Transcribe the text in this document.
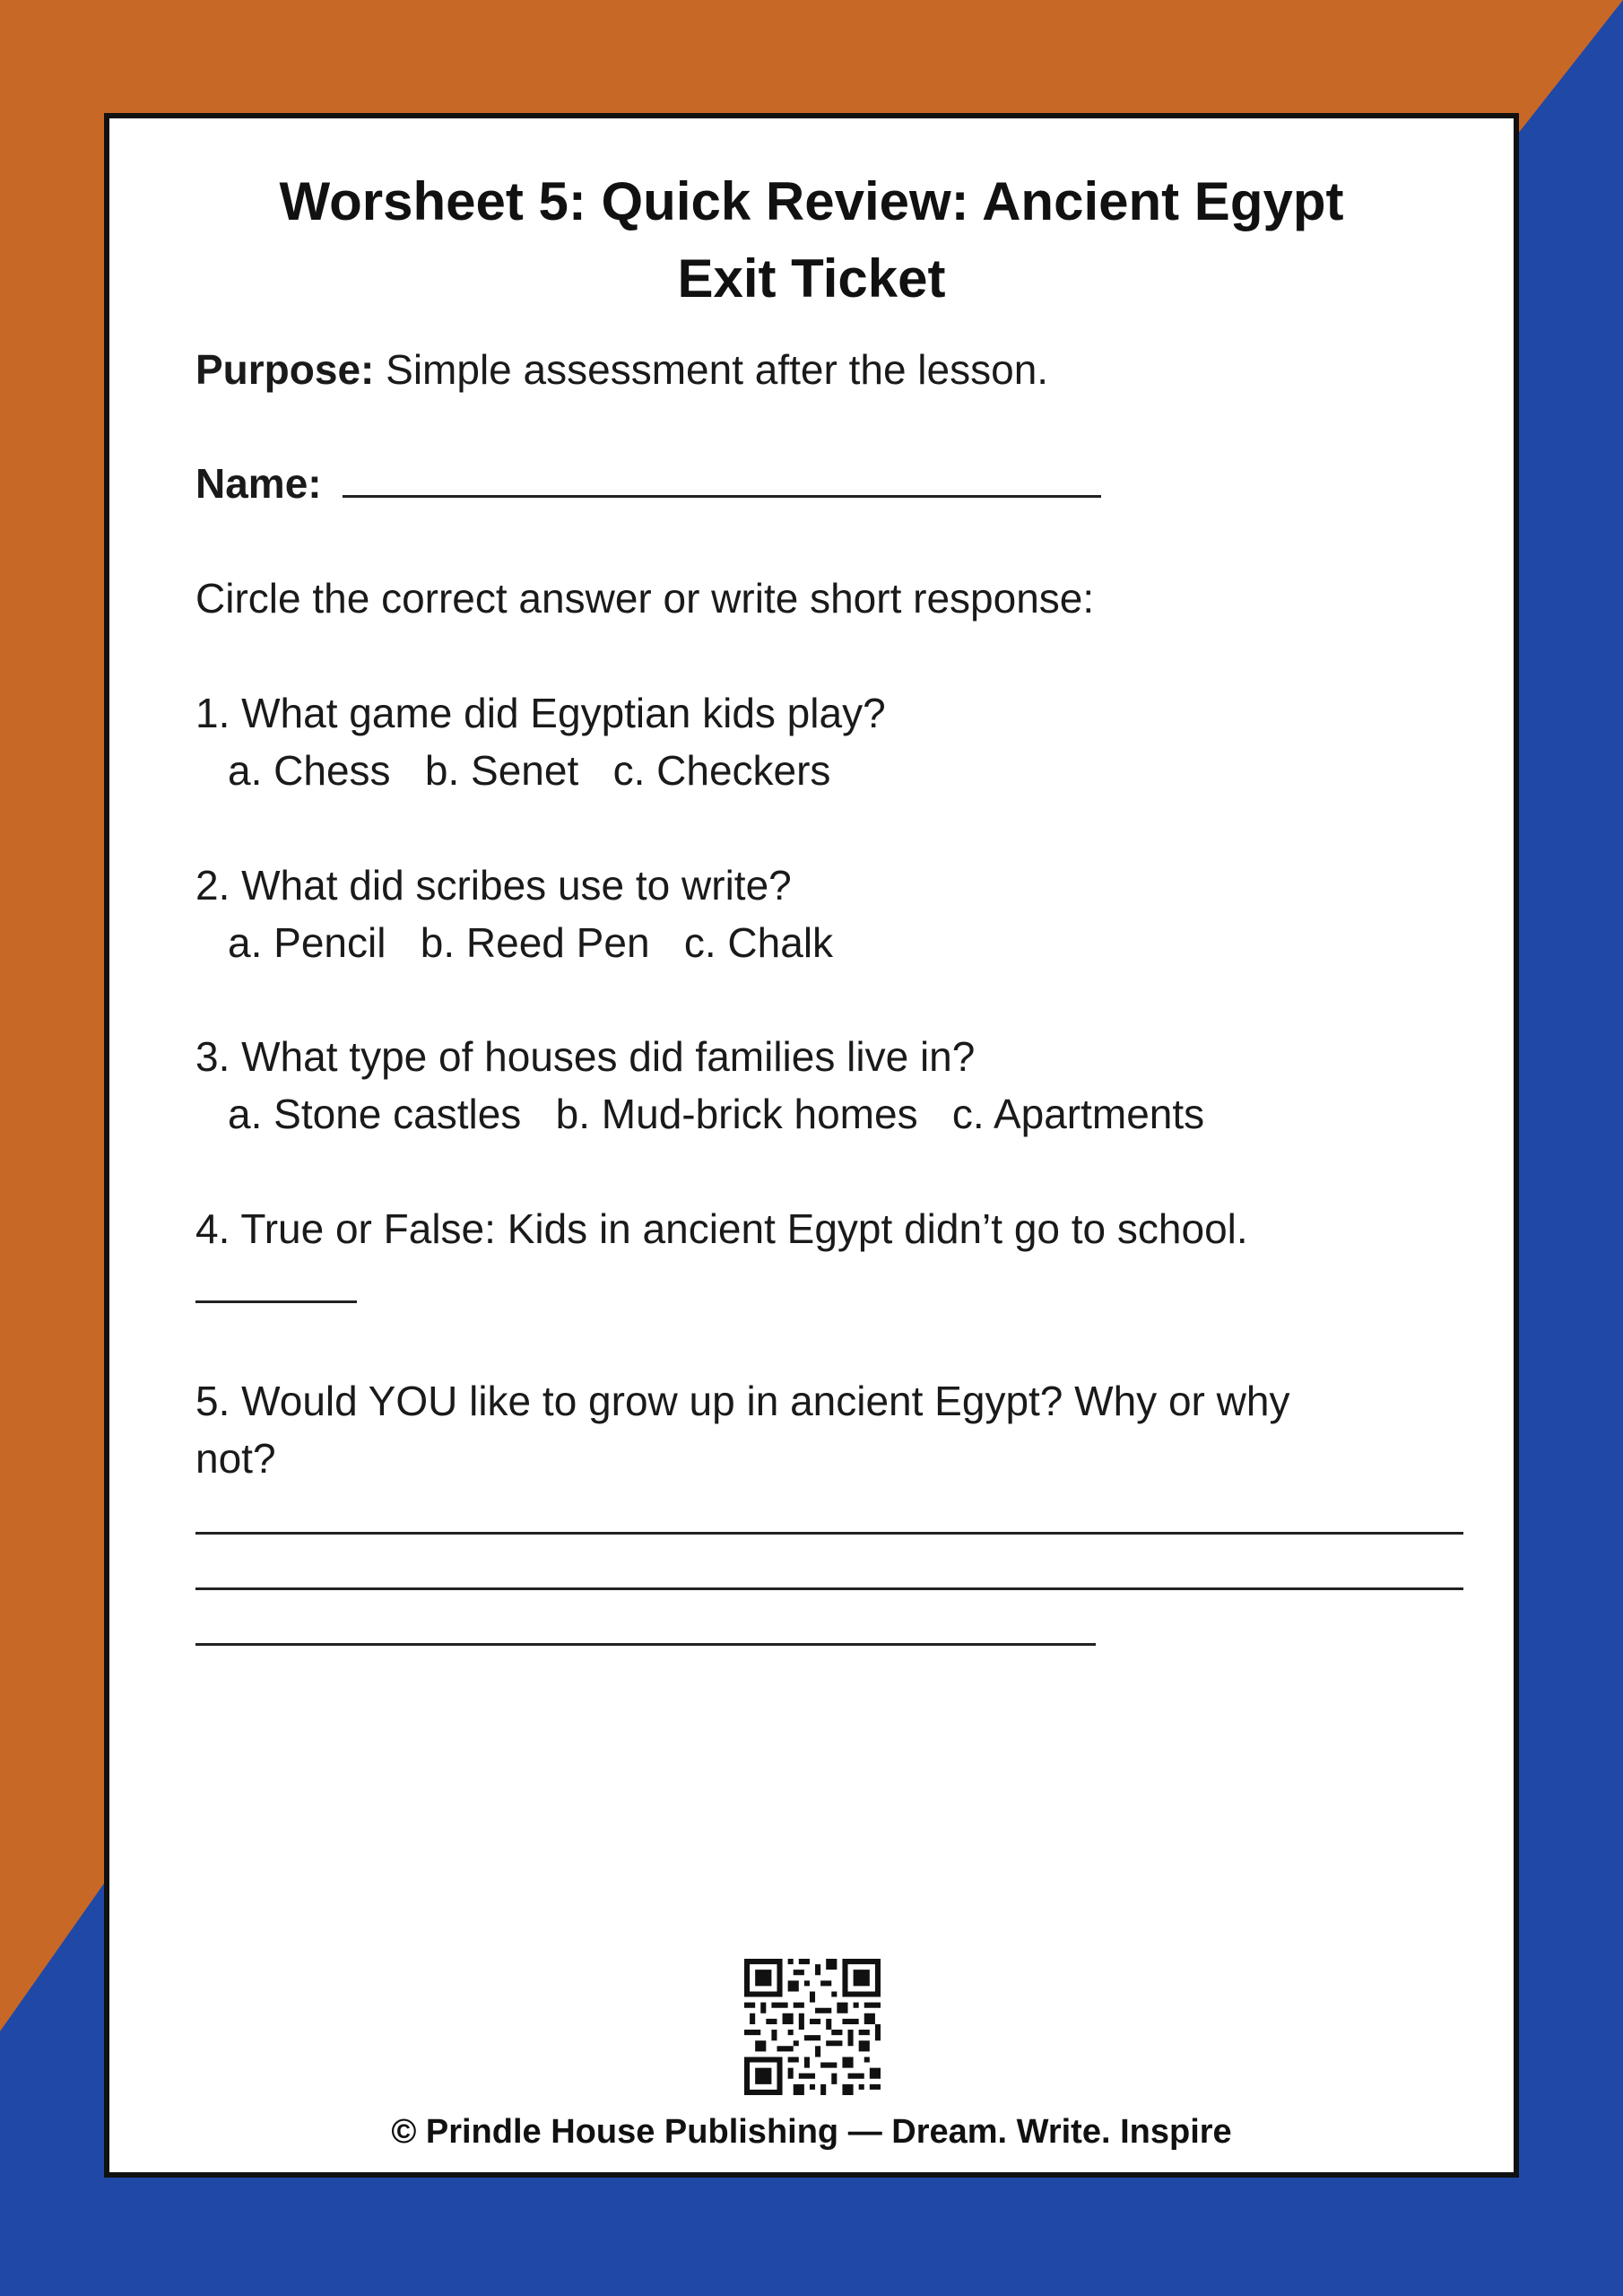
Worsheet 5: Quick Review: Ancient Egypt
Exit Ticket
Purpose: Simple assessment after the lesson.
Name:
Circle the correct answer or write short response:
1. What game did Egyptian kids play?
a. Chess b. Senet c. Checkers
2. What did scribes use to write?
a. Pencil b. Reed Pen c. Chalk
3. What type of houses did families live in?
a. Stone castles b. Mud-brick homes c. Apartments
4. True or False: Kids in ancient Egypt didn’t go to school.
5. Would YOU like to grow up in ancient Egypt? Why or why
not?
© Prindle House Publishing — Dream. Write. Inspire
